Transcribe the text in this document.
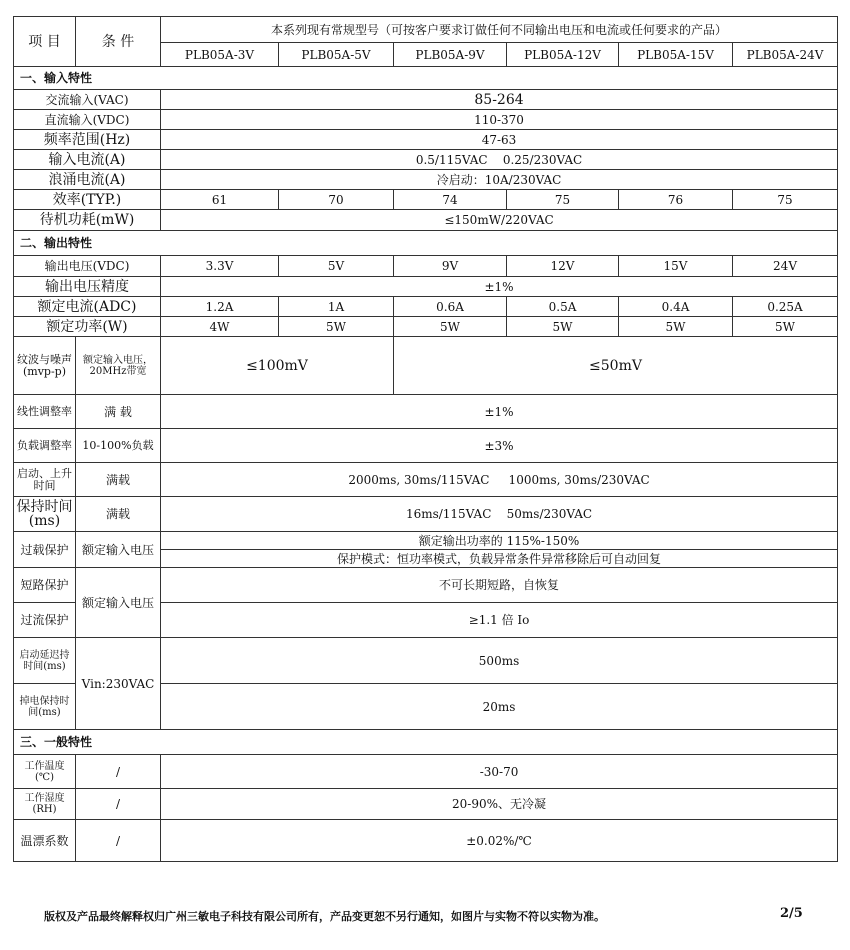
项 目	条 件	本系列现有常规型号（可按客户要求订做任何不同输出电压和电流或任何要求的产品）					
		PLB05A-3V	PLB05A-5V	PLB05A-9V	PLB05A-12V	PLB05A-15V	PLB05A-24V
一、输入特性							
交流输入(VAC)		85-264					
直流输入(VDC)		110-370					
频率范围(Hz)		47-63					
输入电流(A)		0.5/115VAC    0.25/230VAC					
浪涌电流(A)		冷启动：10A/230VAC					
效率(TYP.)		61	70	74	75	76	75
待机功耗(mW)		≤150mW/220VAC					
二、输出特性							
输出电压(VDC)		3.3V	5V	9V	12V	15V	24V
输出电压精度		±1%					
额定电流(ADC)		1.2A	1A	0.6A	0.5A	0.4A	0.25A
额定功率(W)		4W	5W	5W	5W	5W	5W
纹波与噪声(mvp-p)	额定输入电压，20MHz带宽	≤100mV		≤50mV			
线性调整率	满 载	±1%					
负载调整率	10-100%负载	±3%					
启动、上升时间	满载	2000ms, 30ms/115VAC     1000ms, 30ms/230VAC					
保持时间(ms)	满载	16ms/115VAC    50ms/230VAC					
过载保护	额定输入电压	额定输出功率的 115%-150%					
		保护模式：恒功率模式，负载异常条件异常移除后可自动回复					
短路保护	额定输入电压	不可长期短路，自恢复					
过流保护		≥1.1 倍 Io					
启动延迟持时间(ms)	Vin:230VAC	500ms					
掉电保持时间(ms)		20ms					
三、一般特性							
工作温度(℃)	/	-30-70					
工作湿度(RH)	/	20-90%、无冷凝					
温漂系数	/	±0.02%/℃					
版权及产品最终解释权归广州三敏电子科技有限公司所有，产品变更恕不另行通知，如图片与实物不符以实物为准。	2/5
